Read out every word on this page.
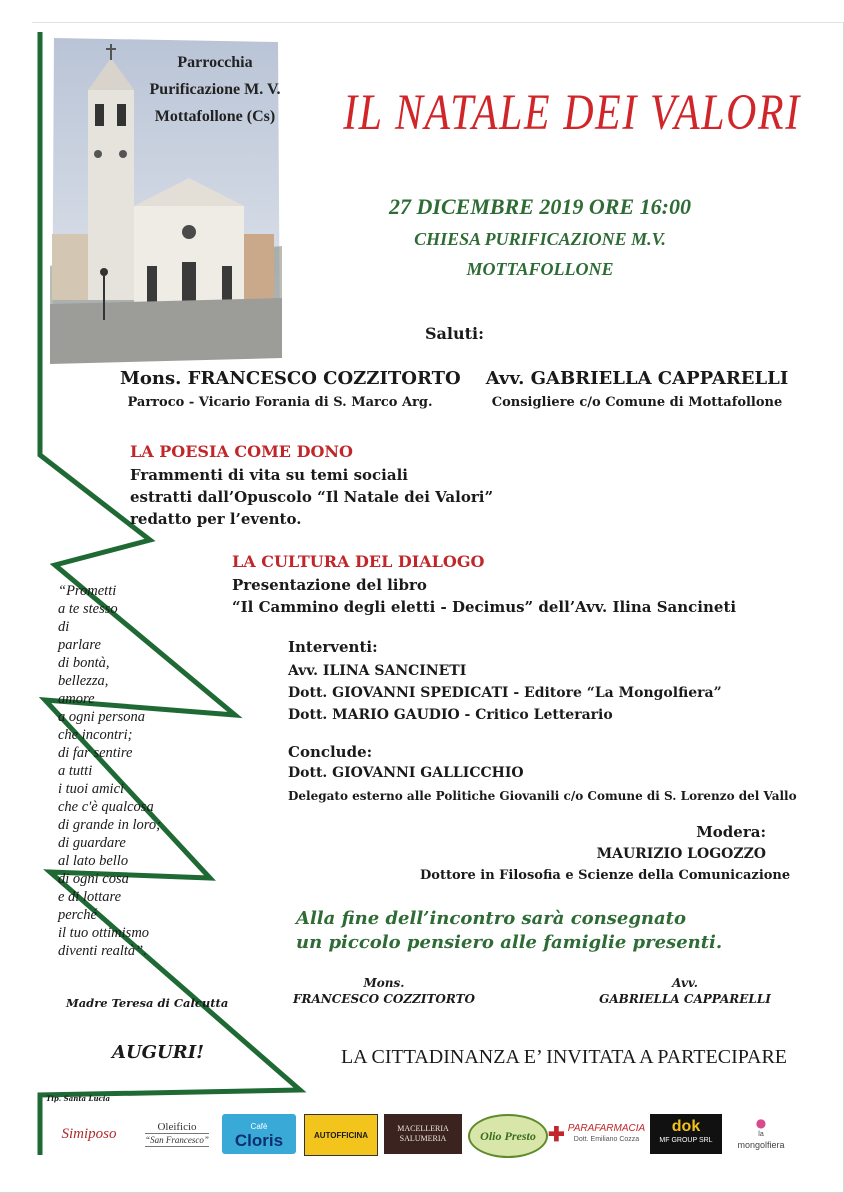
Parrocchia
Purificazione M. V.
Mottafollone (Cs) IL NATALE DEI VALORI
27 DICEMBRE 2019 ORE 16:00
CHIESA PURIFICAZIONE M.V.
MOTTAFOLLONE
Saluti:
Mons. FRANCESCO COZZITORTO
Parroco - Vicario Forania di S. Marco Arg.
Avv. GABRIELLA CAPPARELLI
Consigliere c/o Comune di Mottafollone
LA POESIA COME DONO
Frammenti di vita su temi sociali
estratti dall’Opuscolo “Il Natale dei Valori”
redatto per l’evento.
LA CULTURA DEL DIALOGO
Presentazione del libro
“Il Cammino degli eletti - Decimus” dell’Avv. Ilina Sancineti
Interventi:
Avv. ILINA SANCINETI
Dott. GIOVANNI SPEDICATI - Editore “La Mongolfiera”
Dott. MARIO GAUDIO - Critico Letterario
Conclude:
Dott. GIOVANNI GALLICCHIO
Delegato esterno alle Politiche Giovanili c/o Comune di S. Lorenzo del Vallo
Modera:
MAURIZIO LOGOZZO
Dottore in Filosofia e Scienze della Comunicazione
Alla fine dell’incontro sarà consegnato
un piccolo pensiero alle famiglie presenti.
Mons.
FRANCESCO COZZITORTO
Avv.
GABRIELLA CAPPARELLI
LA CITTADINANZA E’ INVITATA A PARTECIPARE
“Prometti
a te stesso
di
parlare
di bontà,
bellezza,
amore
a ogni persona
che incontri;
di far sentire
a tutti
i tuoi amici
che c'è qualcosa
di grande in loro;
di guardare
al lato bello
di ogni cosa
e di lottare
perché
il tuo ottimismo
diventi realtà”.
Madre Teresa di Calcutta
AUGURI!
Tip. Santa Lucia
Simiposo	Oleificio
“San Francesco”
Cafè
Cloris	AUTOFFICINA
MACELLERIA SALUMERIA	Olio Presto ✚ PARAFARMACIA
Dott. Emiliano Cozza
dok
MF GROUP SRL
●
la
mongolfiera
